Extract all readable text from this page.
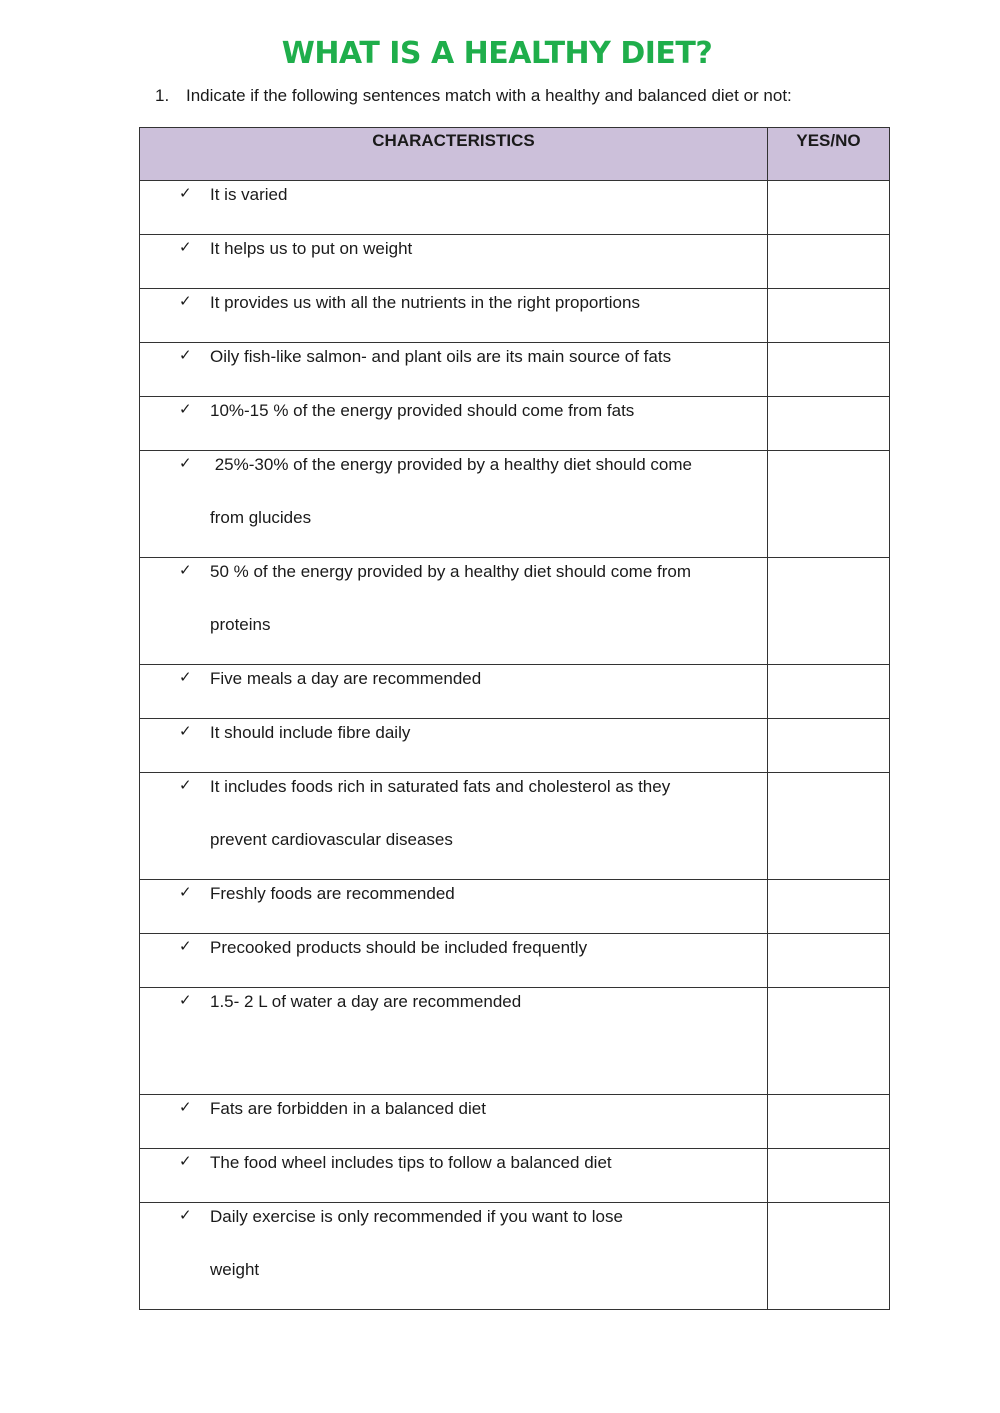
WHAT IS A HEALTHY DIET?
1. Indicate if the following sentences match with a healthy and balanced diet or not:
CHARACTERISTICS	YES/NO

✓ It is varied	

✓ It helps us to put on weight	

✓ It provides us with all the nutrients in the right proportions	

✓ Oily fish-like salmon- and plant oils are its main source of fats	

✓ 10%-15 % of the energy provided should come from fats	

✓ 25%-30% of the energy provided by a healthy diet should come
from glucides	

✓ 50 % of the energy provided by a healthy diet should come from
proteins	

✓ Five meals a day are recommended	

✓ It should include fibre daily	

✓ It includes foods rich in saturated fats and cholesterol as they
prevent cardiovascular diseases	

✓ Freshly foods are recommended	

✓ Precooked products should be included frequently	

✓ 1.5- 2 L of water a day are recommended	

✓ Fats are forbidden in a balanced diet	

✓ The food wheel includes tips to follow a balanced diet	

✓ Daily exercise is only recommended if you want to lose
weight	
